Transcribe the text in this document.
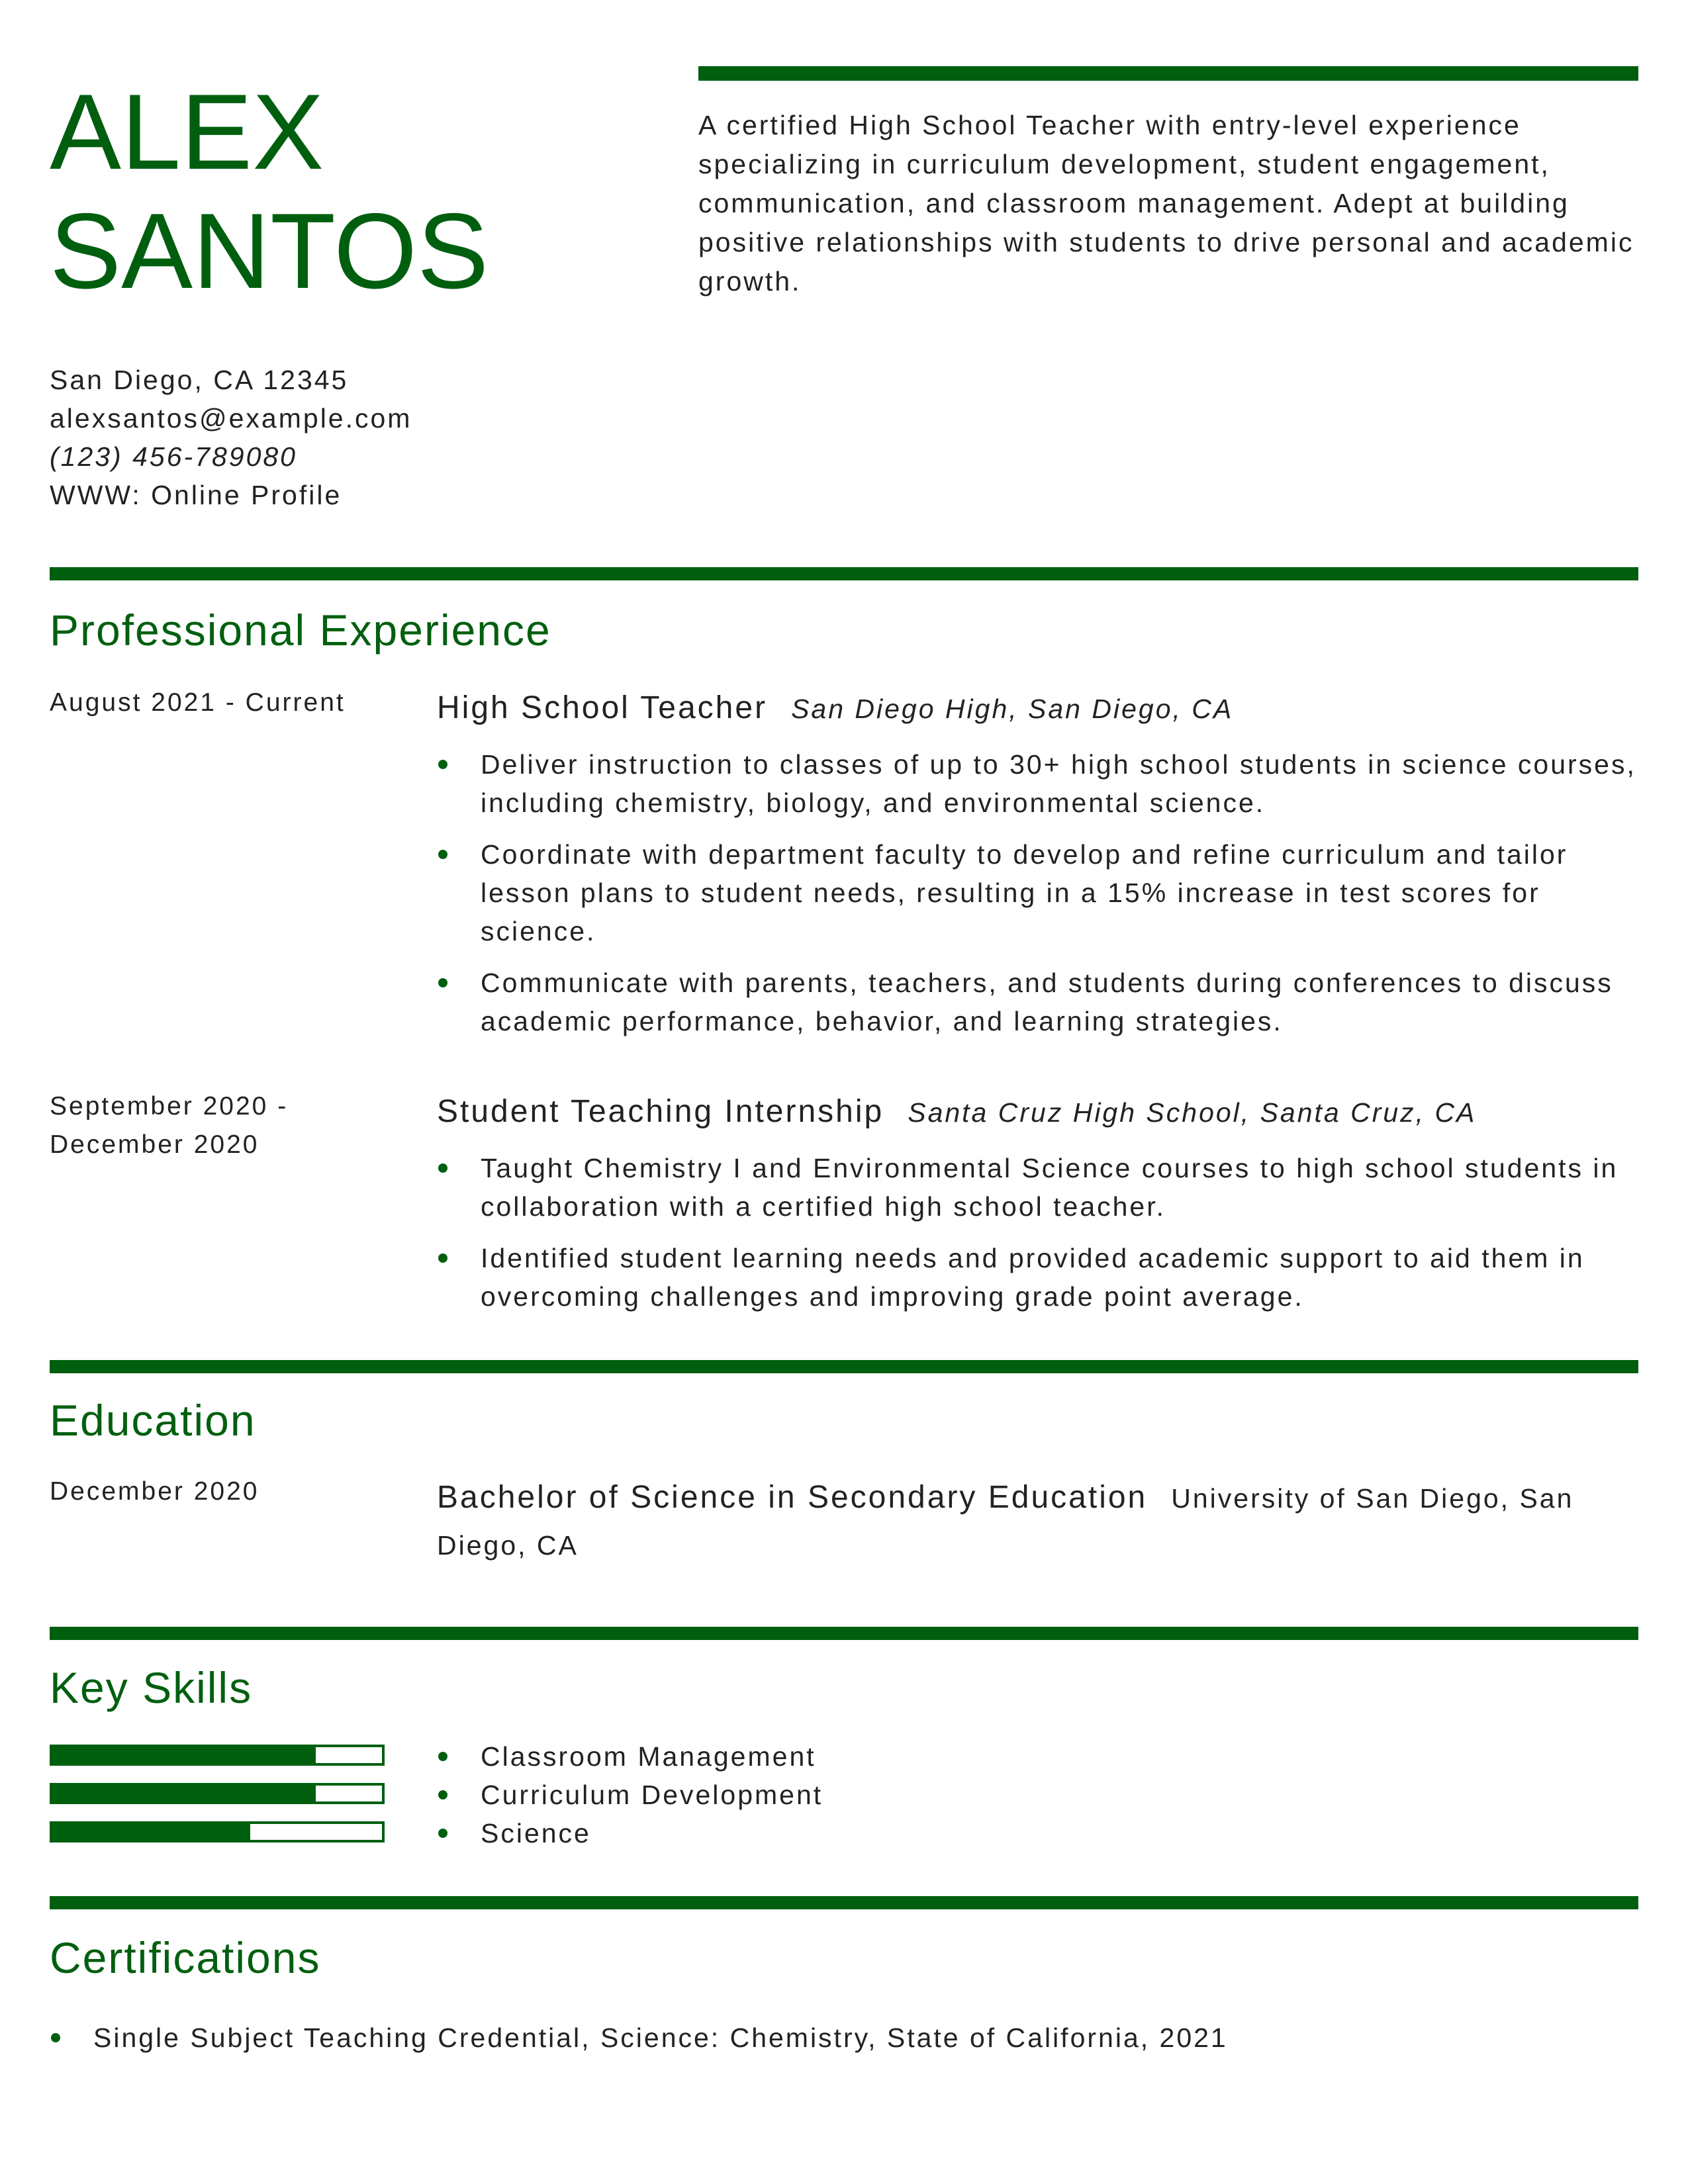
ALEX
SANTOS

A certified High School Teacher with entry-level experience specializing in curriculum development, student engagement, communication, and classroom management. Adept at building positive relationships with students to drive personal and academic growth.

San Diego, CA 12345
alexsantos@example.com
(123) 456-789080
WWW: Online Profile
Professional Experience
August 2021 - Current	High School Teacher San Diego High, San Diego, CA
Deliver instruction to classes of up to 30+ high school students in science courses, including chemistry, biology, and environmental science.
Coordinate with department faculty to develop and refine curriculum and tailor lesson plans to student needs, resulting in a 15% increase in test scores for science.
Communicate with parents, teachers, and students during conferences to discuss academic performance, behavior, and learning strategies.
September 2020 -
December 2020
Student Teaching Internship Santa Cruz High School, Santa Cruz, CA
Taught Chemistry I and Environmental Science courses to high school students in collaboration with a certified high school teacher.
Identified student learning needs and provided academic support to aid them in overcoming challenges and improving grade point average.
Education
December 2020	Bachelor of Science in Secondary Education University of San Diego, San Diego, CA
Key Skills
Classroom Management
Curriculum Development
Science
Certifications
Single Subject Teaching Credential, Science: Chemistry, State of California, 2021
